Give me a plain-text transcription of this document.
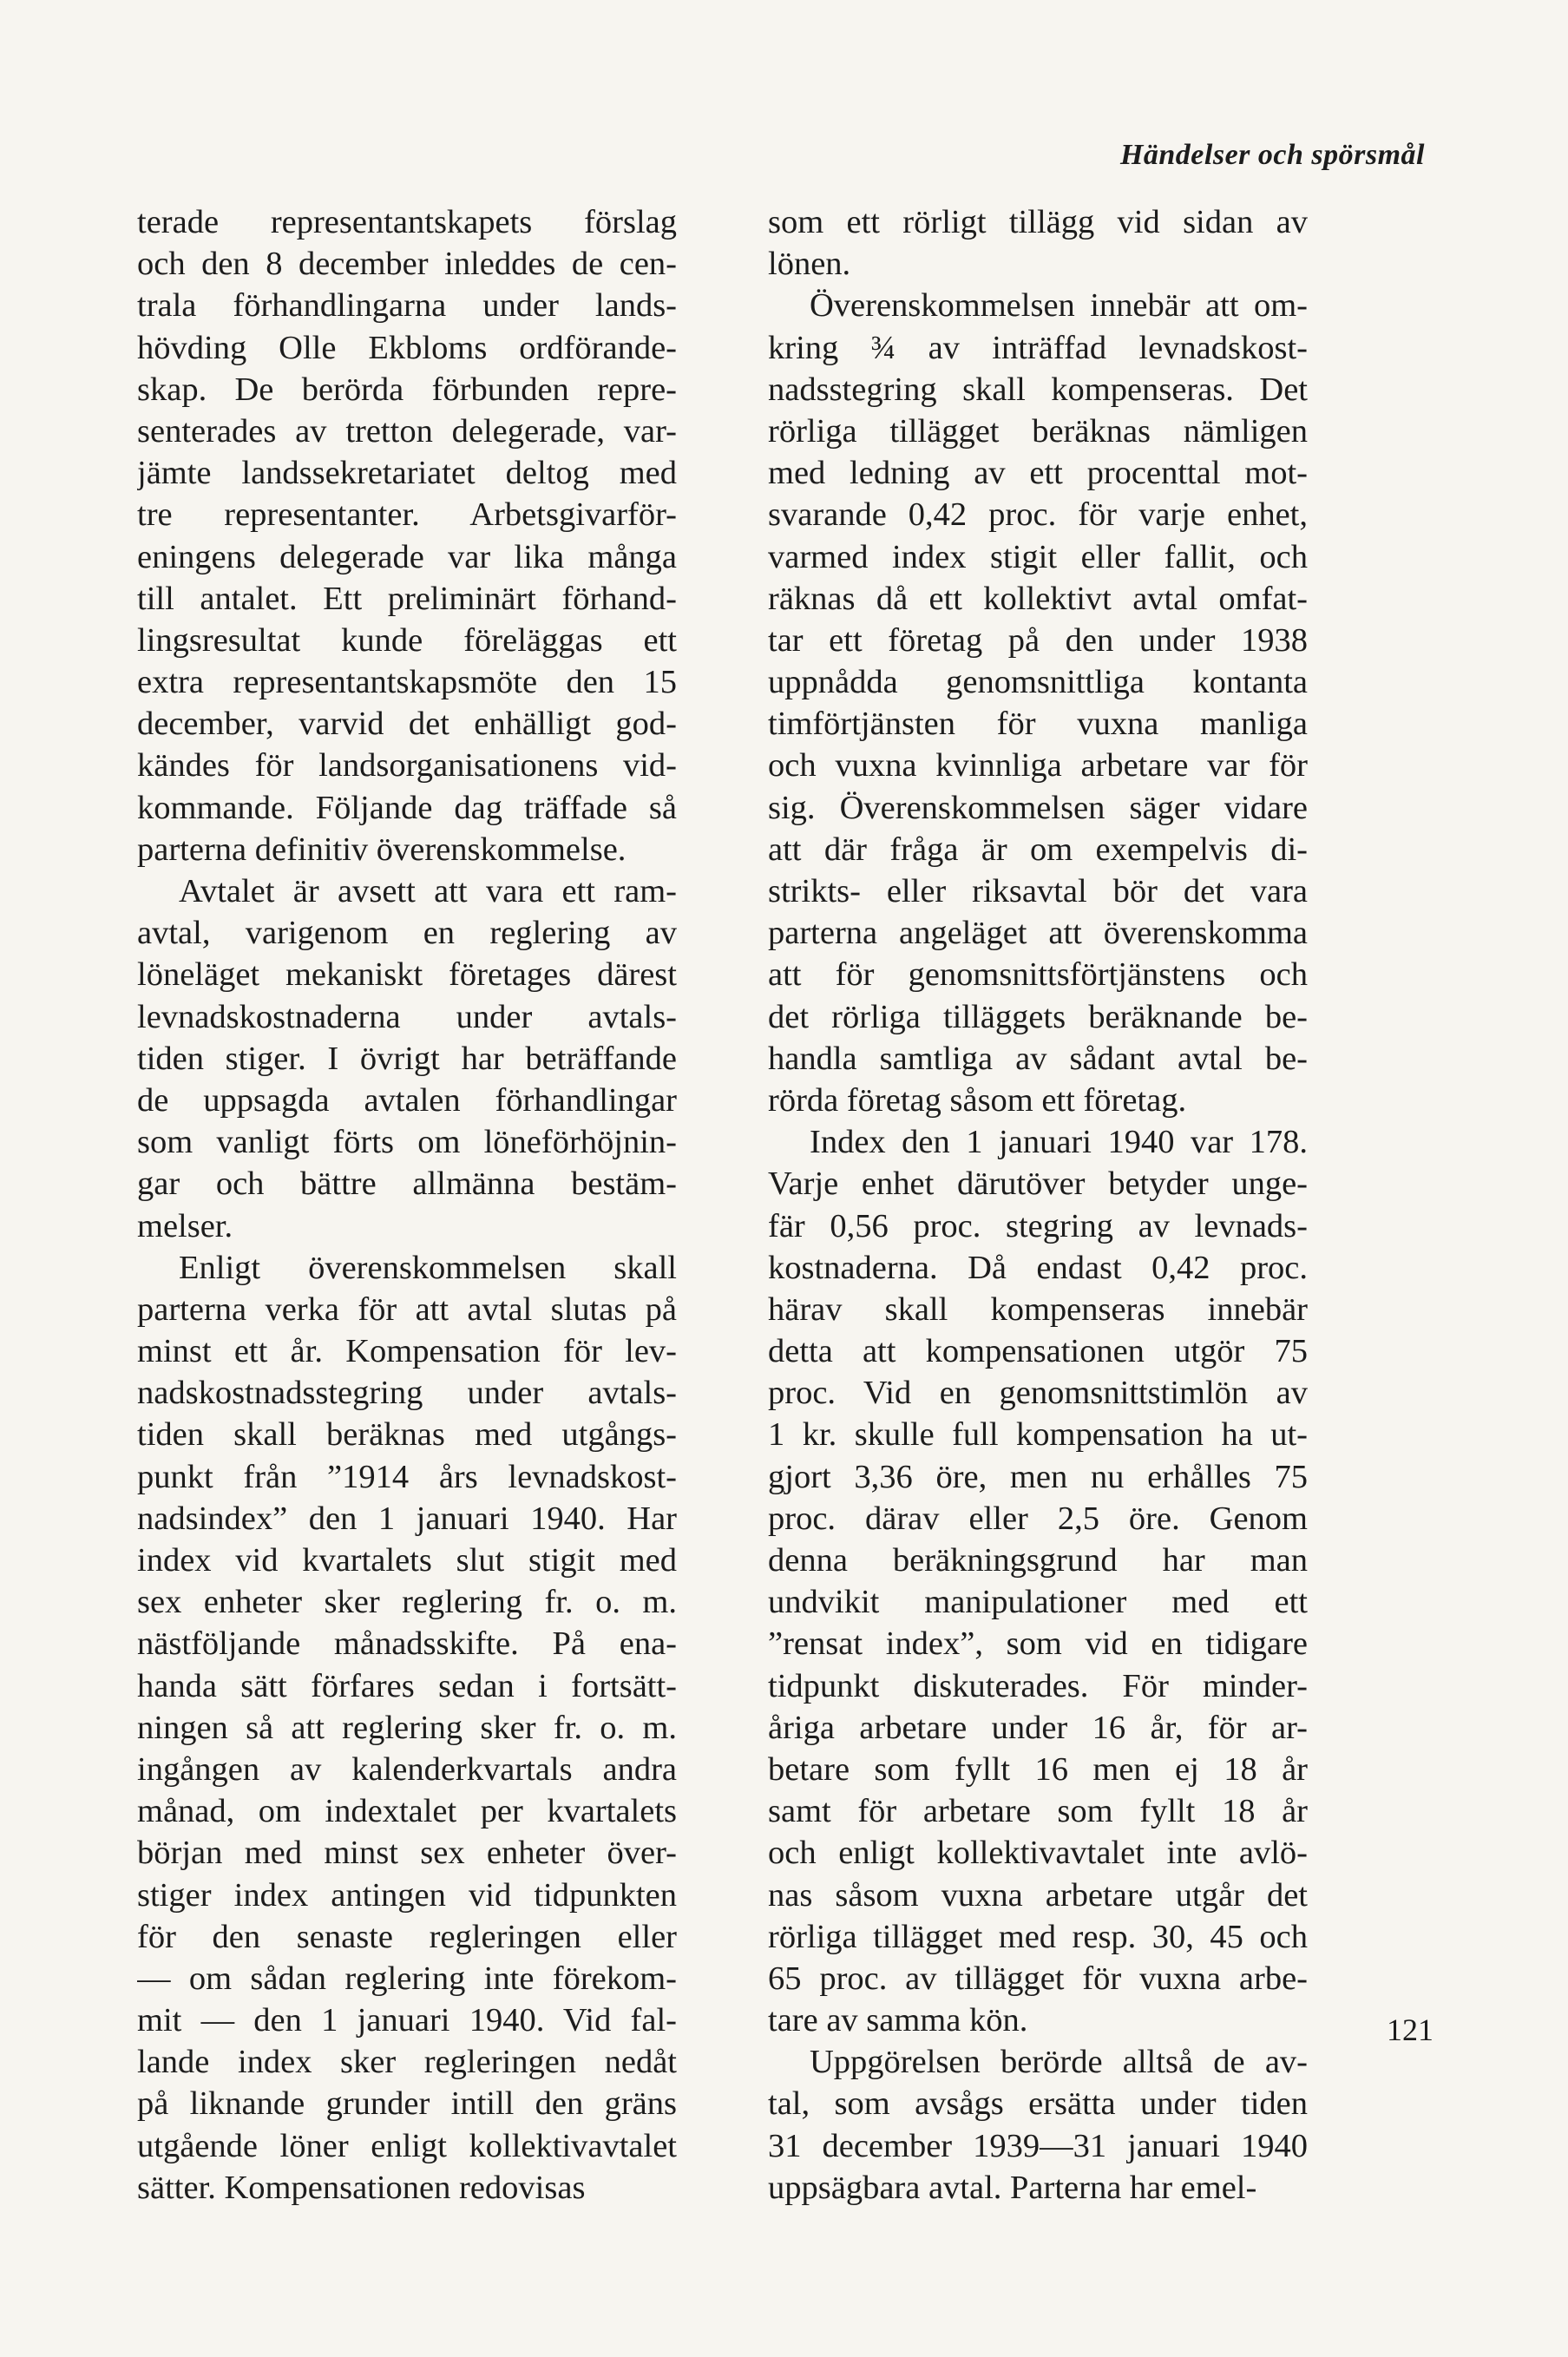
Händelser och spörsmål
terade representantskapets förslag
och den 8 december inleddes de cen-
trala förhandlingarna under lands-
hövding Olle Ekbloms ordförande-
skap. De berörda förbunden repre-
senterades av tretton delegerade, var-
jämte landssekretariatet deltog med
tre representanter. Arbetsgivarför-
eningens delegerade var lika många
till antalet. Ett preliminärt förhand-
lingsresultat kunde föreläggas ett
extra representantskapsmöte den 15
december, varvid det enhälligt god-
kändes för landsorganisationens vid-
kommande. Följande dag träffade så
parterna definitiv överenskommelse.
Avtalet är avsett att vara ett ram-
avtal, varigenom en reglering av
löneläget mekaniskt företages därest
levnadskostnaderna under avtals-
tiden stiger. I övrigt har beträffande
de uppsagda avtalen förhandlingar
som vanligt förts om löneförhöjnin-
gar och bättre allmänna bestäm-
melser.
Enligt överenskommelsen skall
parterna verka för att avtal slutas på
minst ett år. Kompensation för lev-
nadskostnadsstegring under avtals-
tiden skall beräknas med utgångs-
punkt från ”1914 års levnadskost-
nadsindex” den 1 januari 1940. Har
index vid kvartalets slut stigit med
sex enheter sker reglering fr. o. m.
nästföljande månadsskifte. På ena-
handa sätt förfares sedan i fortsätt-
ningen så att reglering sker fr. o. m.
ingången av kalenderkvartals andra
månad, om indextalet per kvartalets
början med minst sex enheter över-
stiger index antingen vid tidpunkten
för den senaste regleringen eller
— om sådan reglering inte förekom-
mit — den 1 januari 1940. Vid fal-
lande index sker regleringen nedåt
på liknande grunder intill den gräns
utgående löner enligt kollektivavtalet
sätter. Kompensationen redovisas
som ett rörligt tillägg vid sidan av
lönen.
Överenskommelsen innebär att om-
kring ¾ av inträffad levnadskost-
nadsstegring skall kompenseras. Det
rörliga tillägget beräknas nämligen
med ledning av ett procenttal mot-
svarande 0,42 proc. för varje enhet,
varmed index stigit eller fallit, och
räknas då ett kollektivt avtal omfat-
tar ett företag på den under 1938
uppnådda genomsnittliga kontanta
timförtjänsten för vuxna manliga
och vuxna kvinnliga arbetare var för
sig. Överenskommelsen säger vidare
att där fråga är om exempelvis di-
strikts- eller riksavtal bör det vara
parterna angeläget att överenskomma
att för genomsnittsförtjänstens och
det rörliga tilläggets beräknande be-
handla samtliga av sådant avtal be-
rörda företag såsom ett företag.
Index den 1 januari 1940 var 178.
Varje enhet därutöver betyder unge-
fär 0,56 proc. stegring av levnads-
kostnaderna. Då endast 0,42 proc.
härav skall kompenseras innebär
detta att kompensationen utgör 75
proc. Vid en genomsnittstimlön av
1 kr. skulle full kompensation ha ut-
gjort 3,36 öre, men nu erhålles 75
proc. därav eller 2,5 öre. Genom
denna beräkningsgrund har man
undvikit manipulationer med ett
”rensat index”, som vid en tidigare
tidpunkt diskuterades. För minder-
åriga arbetare under 16 år, för ar-
betare som fyllt 16 men ej 18 år
samt för arbetare som fyllt 18 år
och enligt kollektivavtalet inte avlö-
nas såsom vuxna arbetare utgår det
rörliga tillägget med resp. 30, 45 och
65 proc. av tillägget för vuxna arbe-
tare av samma kön.
Uppgörelsen berörde alltså de av-
tal, som avsågs ersätta under tiden
31 december 1939—31 januari 1940
uppsägbara avtal. Parterna har emel-
121
